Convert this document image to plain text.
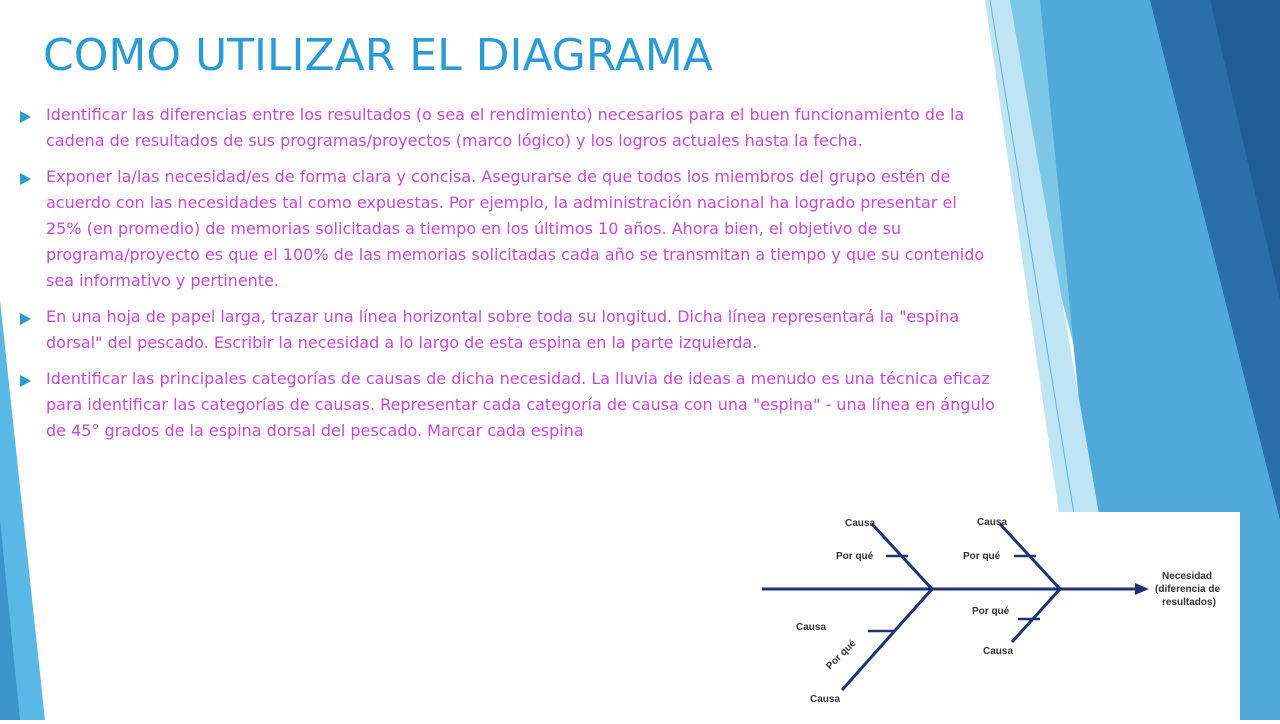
COMO UTILIZAR EL DIAGRAMA
Identificar las diferencias entre los resultados (o sea el rendimiento) necesarios para el buen funcionamiento de la cadena de resultados de sus programas/proyectos (marco lógico) y los logros actuales hasta la fecha.
Exponer la/las necesidad/es de forma clara y concisa. Asegurarse de que todos los miembros del grupo estén de acuerdo con las necesidades tal como expuestas. Por ejemplo, la administración nacional ha logrado presentar el 25% (en promedio) de memorias solicitadas a tiempo en los últimos 10 años. Ahora bien, el objetivo de su programa/proyecto es que el 100% de las memorias solicitadas cada año se transmitan a tiempo y que su contenido sea informativo y pertinente.
En una hoja de papel larga, trazar una línea horizontal sobre toda su longitud. Dicha línea representará la "espina dorsal" del pescado. Escribir la necesidad a lo largo de esta espina en la parte izquierda.
Identificar las principales categorías de causas de dicha necesidad. La lluvia de ideas a menudo es una técnica eficaz para identificar las categorías de causas. Representar cada categoría de causa con una "espina" - una línea en ángulo de 45° grados de la espina dorsal del pescado. Marcar cada espina
Causa
Por qué
Causa
Por qué
Causa
Por qué
Causa
Por qué
Causa
Necesidad
(diferencia de
resultados)
